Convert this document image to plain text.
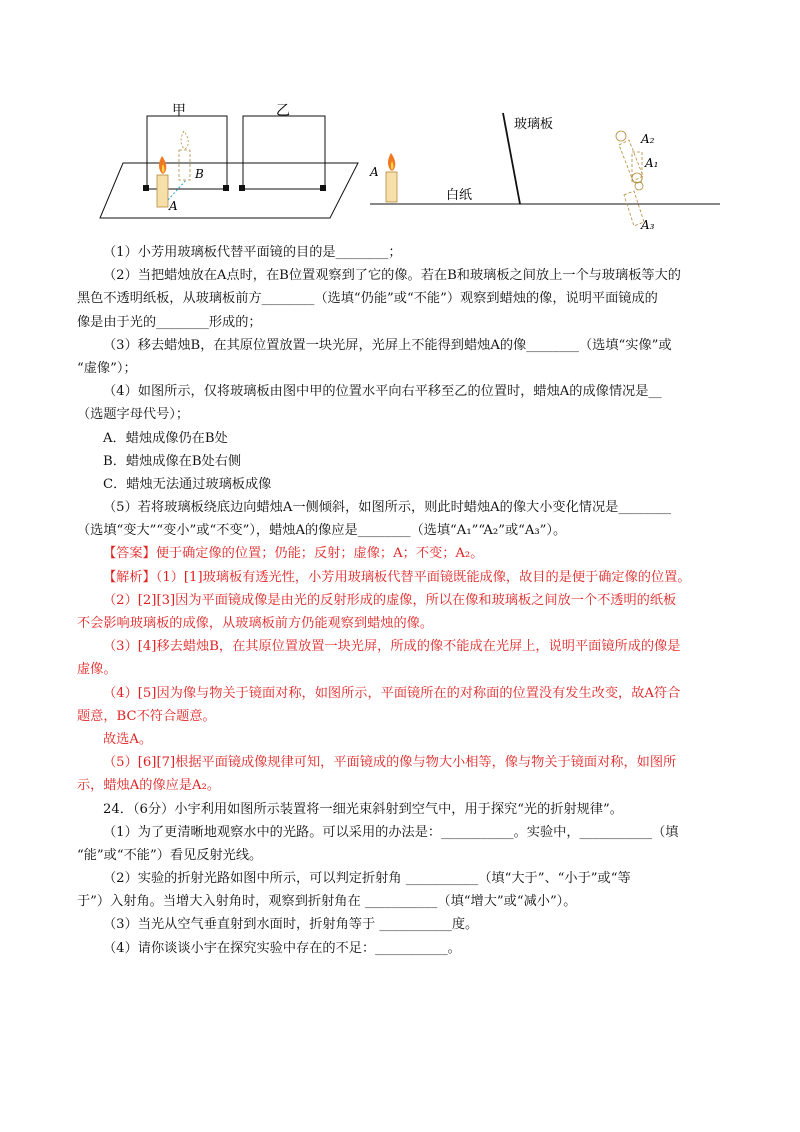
甲	乙
B
A
玻璃板
白纸
A
A₂
A₁
A₃
（1）小芳用玻璃板代替平面镜的目的是________；
（2）当把蜡烛放在A点时，在B位置观察到了它的像。若在B和玻璃板之间放上一个与玻璃板等大的
黑色不透明纸板，从玻璃板前方________（选填“仍能”或“不能”）观察到蜡烛的像，说明平面镜成的
像是由于光的________形成的；
（3）移去蜡烛B，在其原位置放置一块光屏，光屏上不能得到蜡烛A的像________（选填“实像”或
“虚像”）；
（4）如图所示，仅将玻璃板由图中甲的位置水平向右平移至乙的位置时，蜡烛A的成像情况是__
（选题字母代号）；
A．蜡烛成像仍在B处
B．蜡烛成像在B处右侧
C．蜡烛无法通过玻璃板成像
（5）若将玻璃板绕底边向蜡烛A一侧倾斜，如图所示，则此时蜡烛A的像大小变化情况是________
（选填“变大”“变小”或“不变”），蜡烛A的像应是________（选填“A₁”“A₂”或“A₃”）。
【答案】便于确定像的位置；仍能；反射；虚像；A；不变；A₂。
【解析】（1）[1]玻璃板有透光性，小芳用玻璃板代替平面镜既能成像，故目的是便于确定像的位置。
（2）[2][3]因为平面镜成像是由光的反射形成的虚像，所以在像和玻璃板之间放一个不透明的纸板
不会影响玻璃板的成像，从玻璃板前方仍能观察到蜡烛的像。
（3）[4]移去蜡烛B，在其原位置放置一块光屏，所成的像不能成在光屏上，说明平面镜所成的像是
虚像。
（4）[5]因为像与物关于镜面对称，如图所示，平面镜所在的对称面的位置没有发生改变，故A符合
题意，BC不符合题意。
故选A。
（5）[6][7]根据平面镜成像规律可知，平面镜成的像与物大小相等，像与物关于镜面对称，如图所
示，蜡烛A的像应是A₂。
24．（6分）小宇利用如图所示装置将一细光束斜射到空气中，用于探究“光的折射规律”。
（1）为了更清晰地观察水中的光路。可以采用的办法是：___________。实验中，___________（填
“能”或“不能”）看见反射光线。
（2）实验的折射光路如图中所示，可以判定折射角 ___________（填“大于”、“小于”或“等
于”）入射角。当增大入射角时，观察到折射角在 ___________（填“增大”或“减小”）。
（3）当光从空气垂直射到水面时，折射角等于 ___________度。
（4）请你谈谈小宇在探究实验中存在的不足：___________。
